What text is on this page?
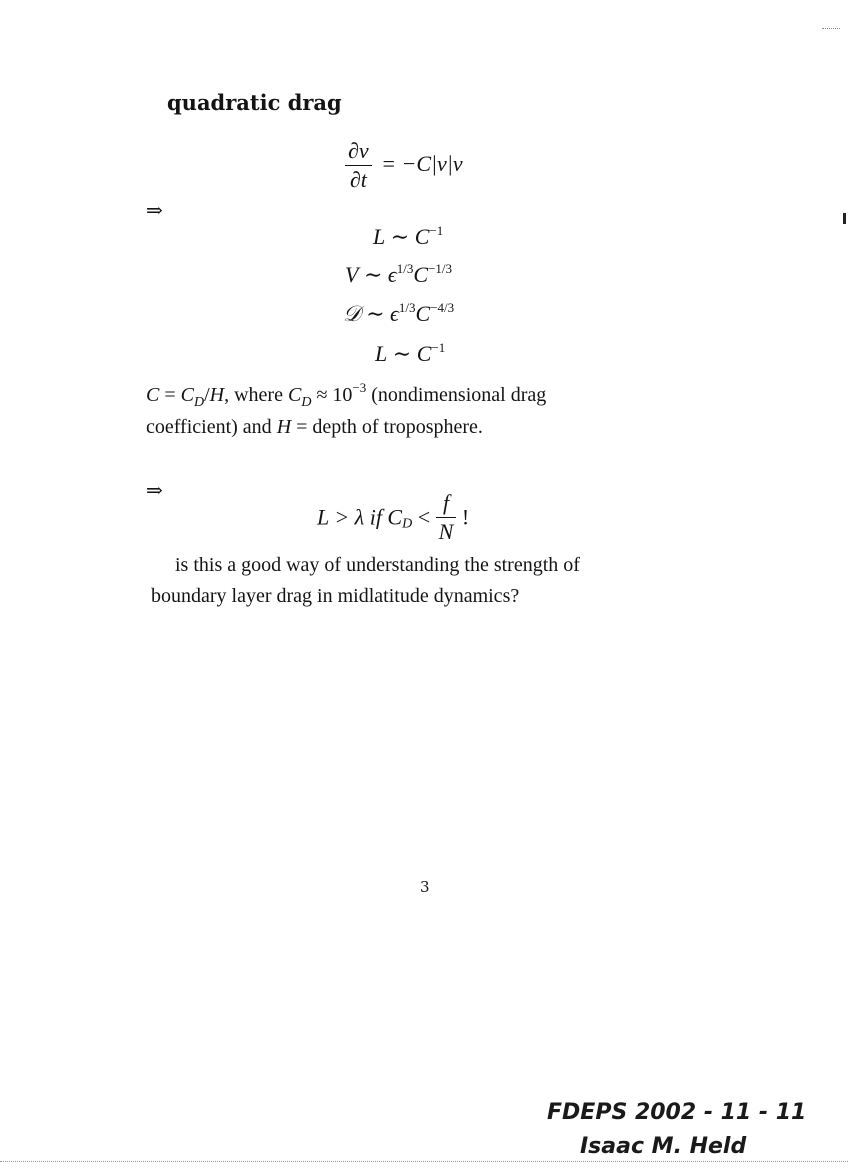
quadratic drag
$\frac{\partial v}{\partial t} = -C|v|v$
⇒
L ∼ $C^{-1}$
V ∼ $\epsilon^{1/3}C^{-1/3}$
𝒟 ∼ $\epsilon^{1/3}C^{-4/3}$
L ∼ $C^{-1}$
$C = C_D/H$, where $C_D \approx 10^{-3}$ (nondimensional drag
coefficient) and H = depth of troposphere.
⇒
L > λ if $C_D < \frac{f}{N}$ !
is this a good way of understanding the strength of
boundary layer drag in midlatitude dynamics?
3
FDEPS 2002 - 11 - 11
Isaac M. Held
